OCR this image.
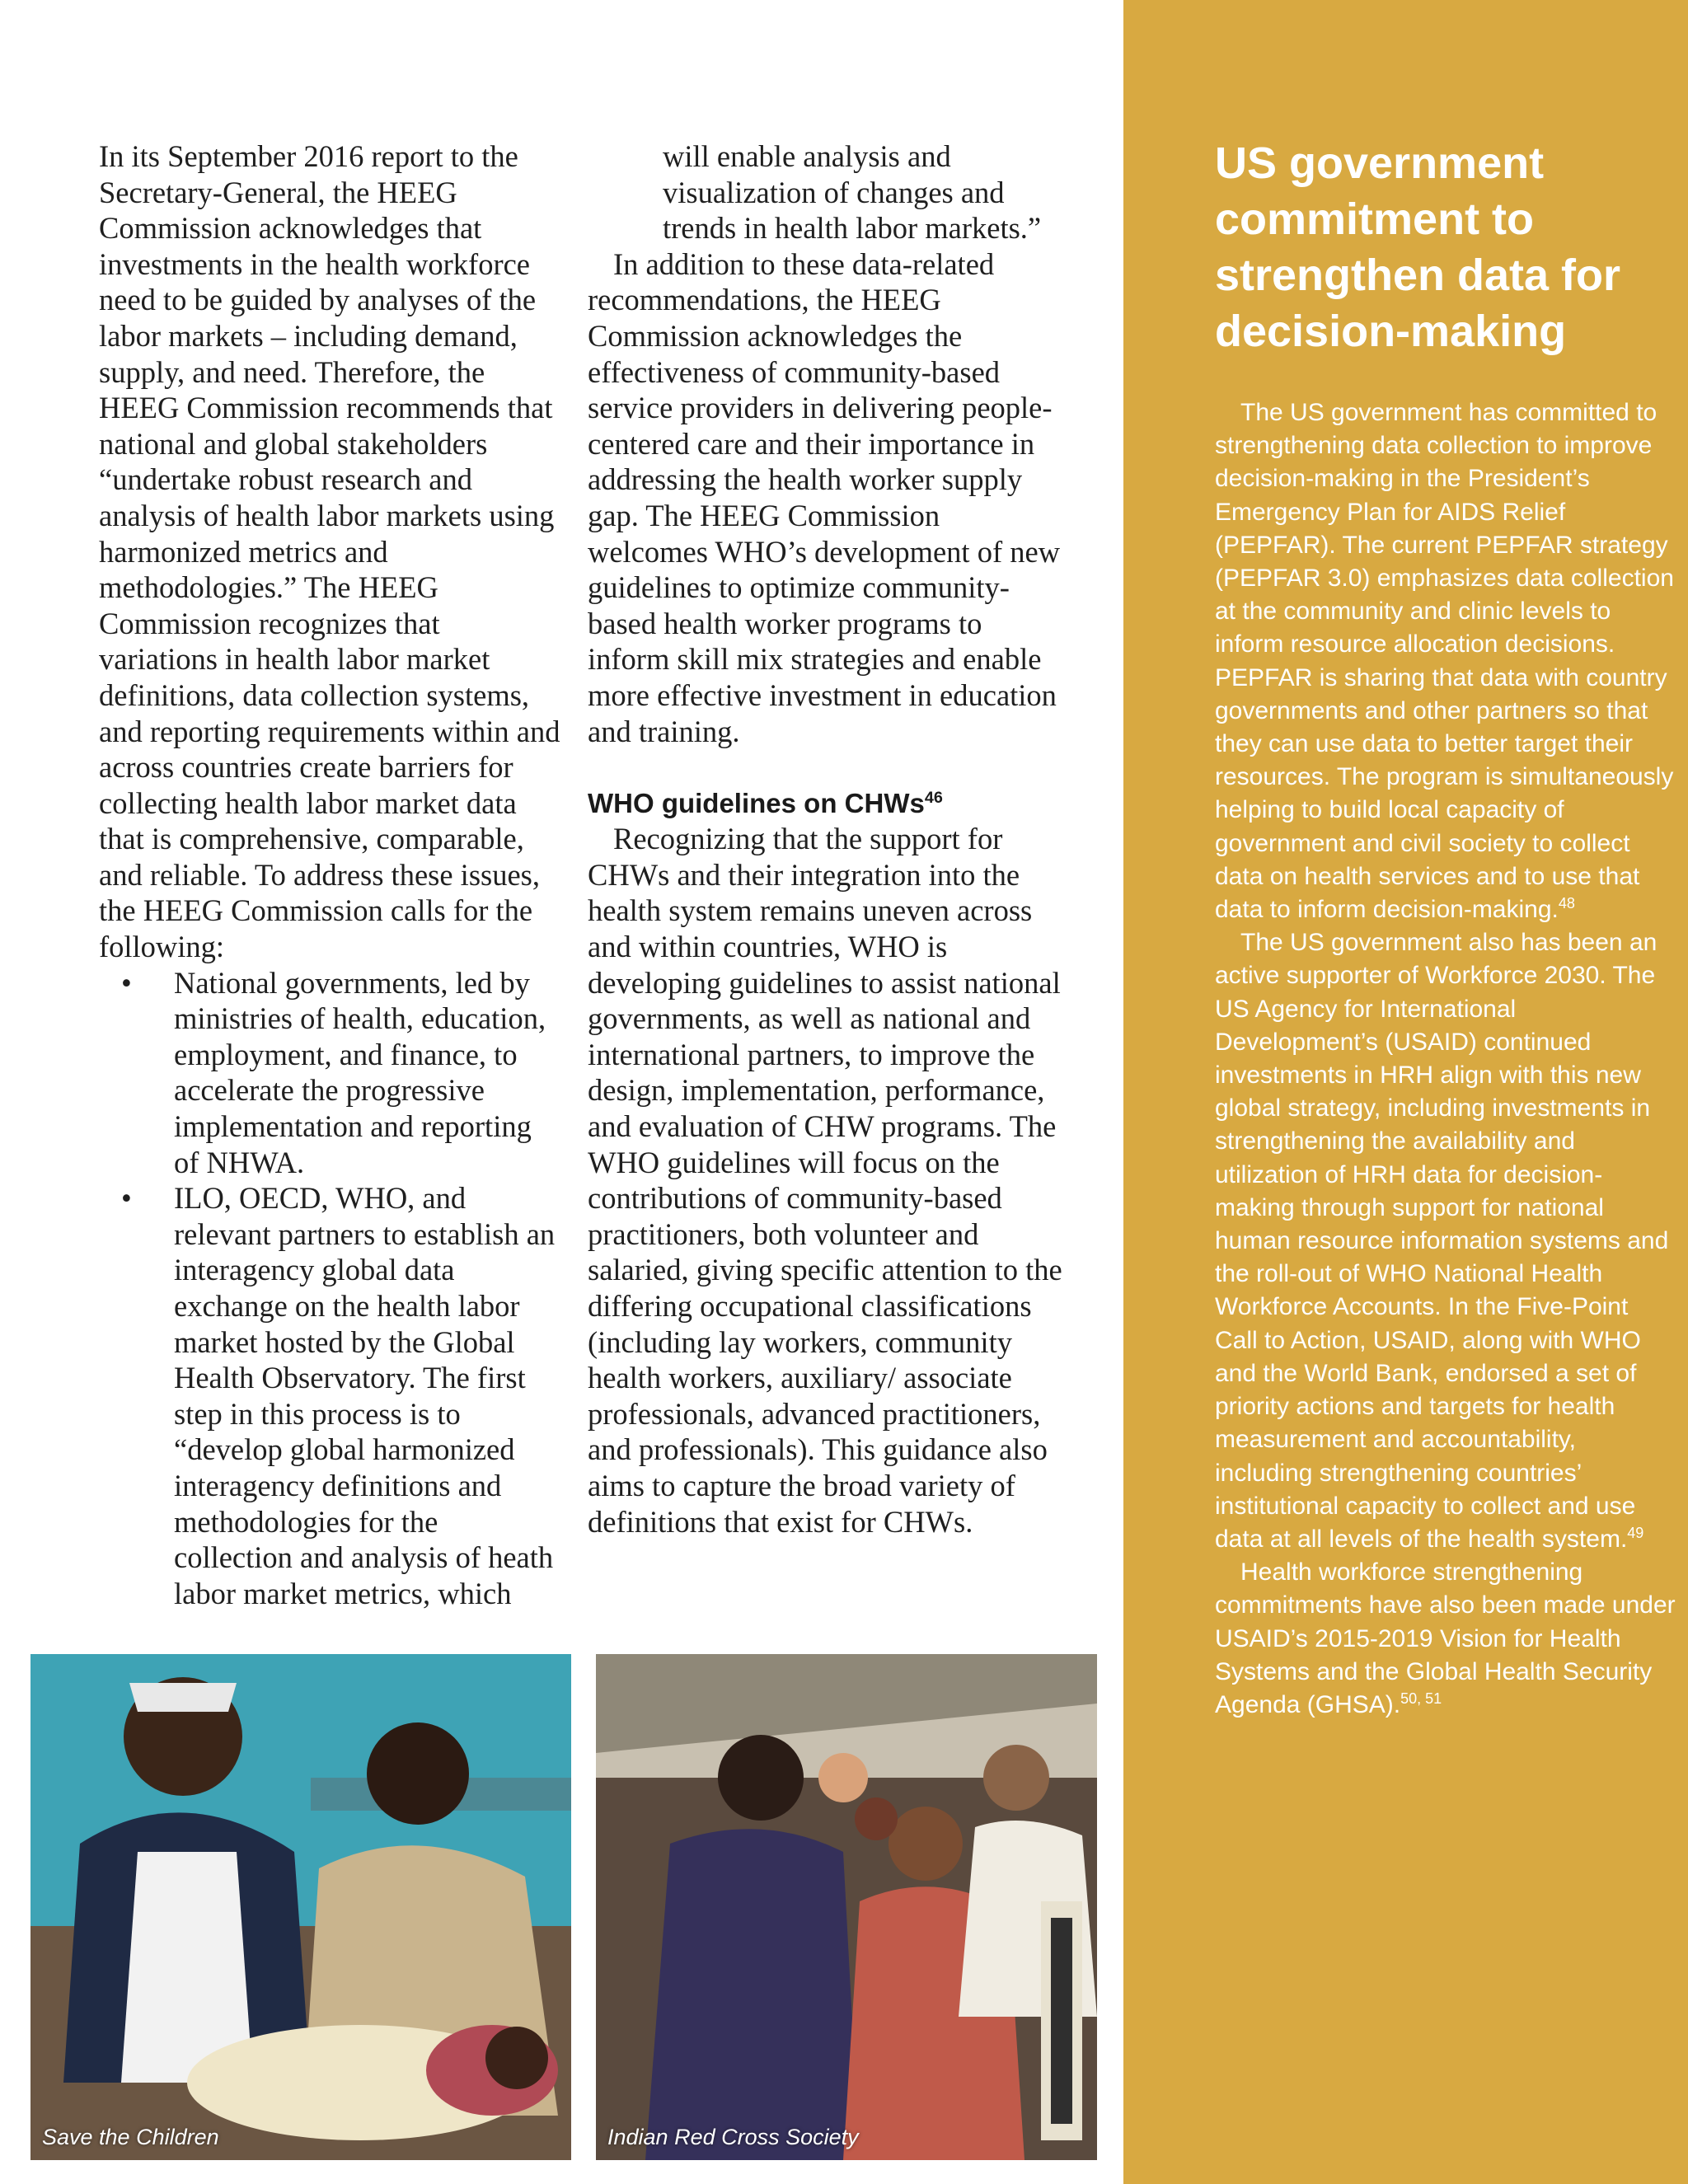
In its September 2016 report to the Secretary-General, the HEEG Commission acknowledges that investments in the health workforce need to be guided by analyses of the labor markets – including demand, supply, and need. Therefore, the HEEG Commission recommends that national and global stakeholders “undertake robust research and analysis of health labor markets using harmonized metrics and methodologies.” The HEEG Commission recognizes that variations in health labor market definitions, data collection systems, and reporting requirements within and across countries create barriers for collecting health labor market data that is comprehensive, comparable, and reliable. To address these issues, the HEEG Commission calls for the following:

• National governments, led by ministries of health, education, employment, and finance, to accelerate the progressive implementation and reporting of NHWA.
• ILO, OECD, WHO, and relevant partners to establish an interagency global data exchange on the health labor market hosted by the Global Health Observatory. The first step in this process is to “develop global harmonized interagency definitions and methodologies for the collection and analysis of heath labor market metrics, which

will enable analysis and visualization of changes and trends in health labor markets.”

In addition to these data-related recommendations, the HEEG Commission acknowledges the effectiveness of community-based service providers in delivering people-centered care and their importance in addressing the health worker supply gap. The HEEG Commission welcomes WHO’s development of new guidelines to optimize community-based health worker programs to inform skill mix strategies and enable more effective investment in education and training.

WHO guidelines on CHWs$^{46}$

Recognizing that the support for CHWs and their integration into the health system remains uneven across and within countries, WHO is developing guidelines to assist national governments, as well as national and international partners, to improve the design, implementation, performance, and evaluation of CHW programs. The WHO guidelines will focus on the contributions of community-based practitioners, both volunteer and salaried, giving specific attention to the differing occupational classifications (including lay workers, community health workers, auxiliary/ associate professionals, advanced practitioners, and professionals). This guidance also aims to capture the broad variety of definitions that exist for CHWs.

US government commitment to strengthen data for decision-making

The US government has committed to strengthening data collection to improve decision-making in the President’s Emergency Plan for AIDS Relief (PEPFAR). The current PEPFAR strategy (PEPFAR 3.0) emphasizes data collection at the community and clinic levels to inform resource allocation decisions. PEPFAR is sharing that data with country governments and other partners so that they can use data to better target their resources. The program is simultaneously helping to build local capacity of government and civil society to collect data on health services and to use that data to inform decision-making.$^{48}$

The US government also has been an active supporter of Workforce 2030. The US Agency for International Development’s (USAID) continued investments in HRH align with this new global strategy, including investments in strengthening the availability and utilization of HRH data for decision-making through support for national human resource information systems and the roll-out of WHO National Health Workforce Accounts. In the Five-Point Call to Action, USAID, along with WHO and the World Bank, endorsed a set of priority actions and targets for health measurement and accountability, including strengthening countries’ institutional capacity to collect and use data at all levels of the health system.$^{49}$

Health workforce strengthening commitments have also been made under USAID’s 2015-2019 Vision for Health Systems and the Global Health Security Agenda (GHSA).$^{50, 51}$

Save the Children	Indian Red Cross Society
